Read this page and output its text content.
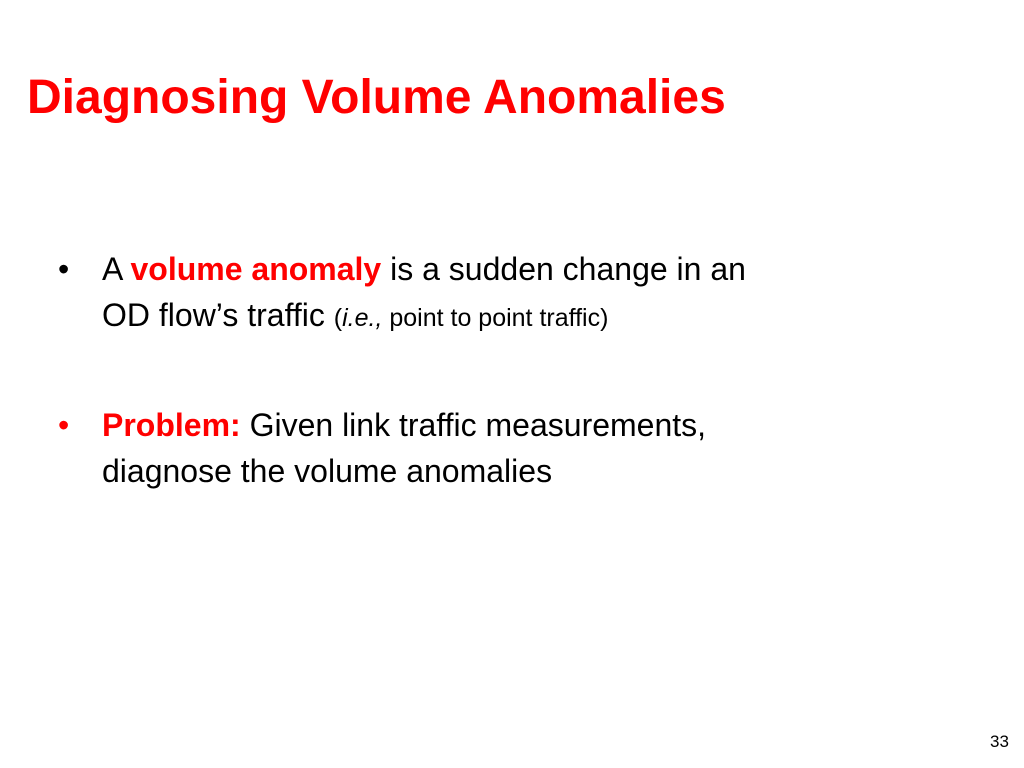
Diagnosing Volume Anomalies
• A volume anomaly is a sudden change in an
OD flow’s traffic (i.e., point to point traffic)
• Problem: Given link traffic measurements,
diagnose the volume anomalies
33
